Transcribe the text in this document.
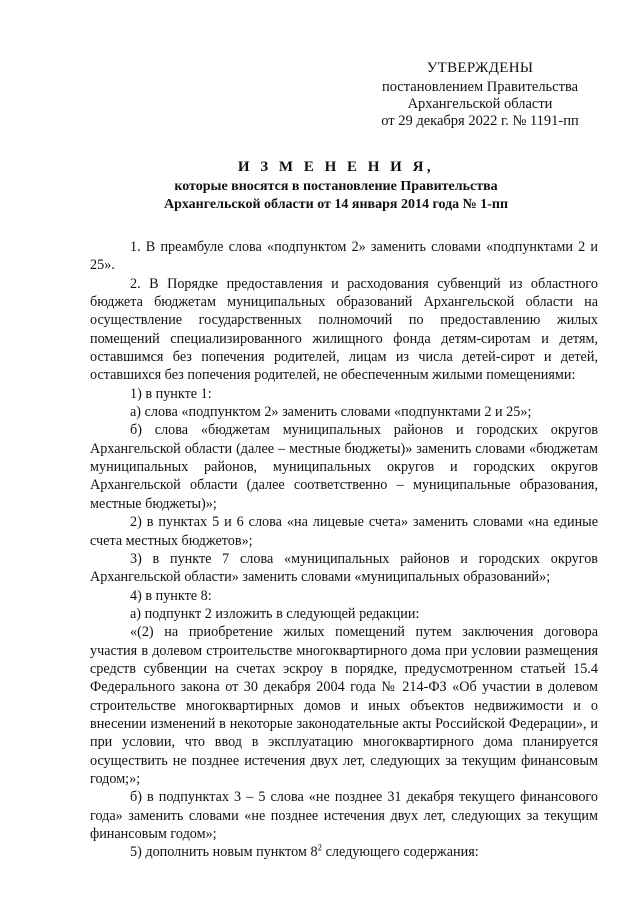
УТВЕРЖДЕНЫ
постановлением Правительства
Архангельской области
от 29 декабря 2022 г. № 1191-пп
И З М Е Н Е Н И Я,
которые вносятся в постановление Правительства
Архангельской области от 14 января 2014 года № 1-пп

1. В преамбуле слова «подпунктом 2» заменить словами «подпунктами 2 и 25».

2. В Порядке предоставления и расходования субвенций из областного бюджета бюджетам муниципальных образований Архангельской области на осуществление государственных полномочий по предоставлению жилых помещений специализированного жилищного фонда детям-сиротам и детям, оставшимся без попечения родителей, лицам из числа детей-сирот и детей, оставшихся без попечения родителей, не обеспеченным жилыми помещениями:

1) в пункте 1:

а) слова «подпунктом 2» заменить словами «подпунктами 2 и 25»;

б) слова «бюджетам муниципальных районов и городских округов Архангельской области (далее – местные бюджеты)» заменить словами «бюджетам муниципальных районов, муниципальных округов и городских округов Архангельской области (далее соответственно – муниципальные образования, местные бюджеты)»;

2) в пунктах 5 и 6 слова «на лицевые счета» заменить словами «на единые счета местных бюджетов»;

3) в пункте 7 слова «муниципальных районов и городских округов Архангельской области» заменить словами «муниципальных образований»;

4) в пункте 8:

а) подпункт 2 изложить в следующей редакции:

«(2) на приобретение жилых помещений путем заключения договора участия в долевом строительстве многоквартирного дома при условии размещения средств субвенции на счетах эскроу в порядке, предусмотренном статьей 15.4 Федерального закона от 30 декабря 2004 года № 214-ФЗ «Об участии в долевом строительстве многоквартирных домов и иных объектов недвижимости и о внесении изменений в некоторые законодательные акты Российской Федерации», и при условии, что ввод в эксплуатацию многоквартирного дома планируется осуществить не позднее истечения двух лет, следующих за текущим финансовым годом;»;

б) в подпунктах 3 – 5 слова «не позднее 31 декабря текущего финансового года» заменить словами «не позднее истечения двух лет, следующих за текущим финансовым годом»;

5) дополнить новым пунктом $8^2$ следующего содержания:
